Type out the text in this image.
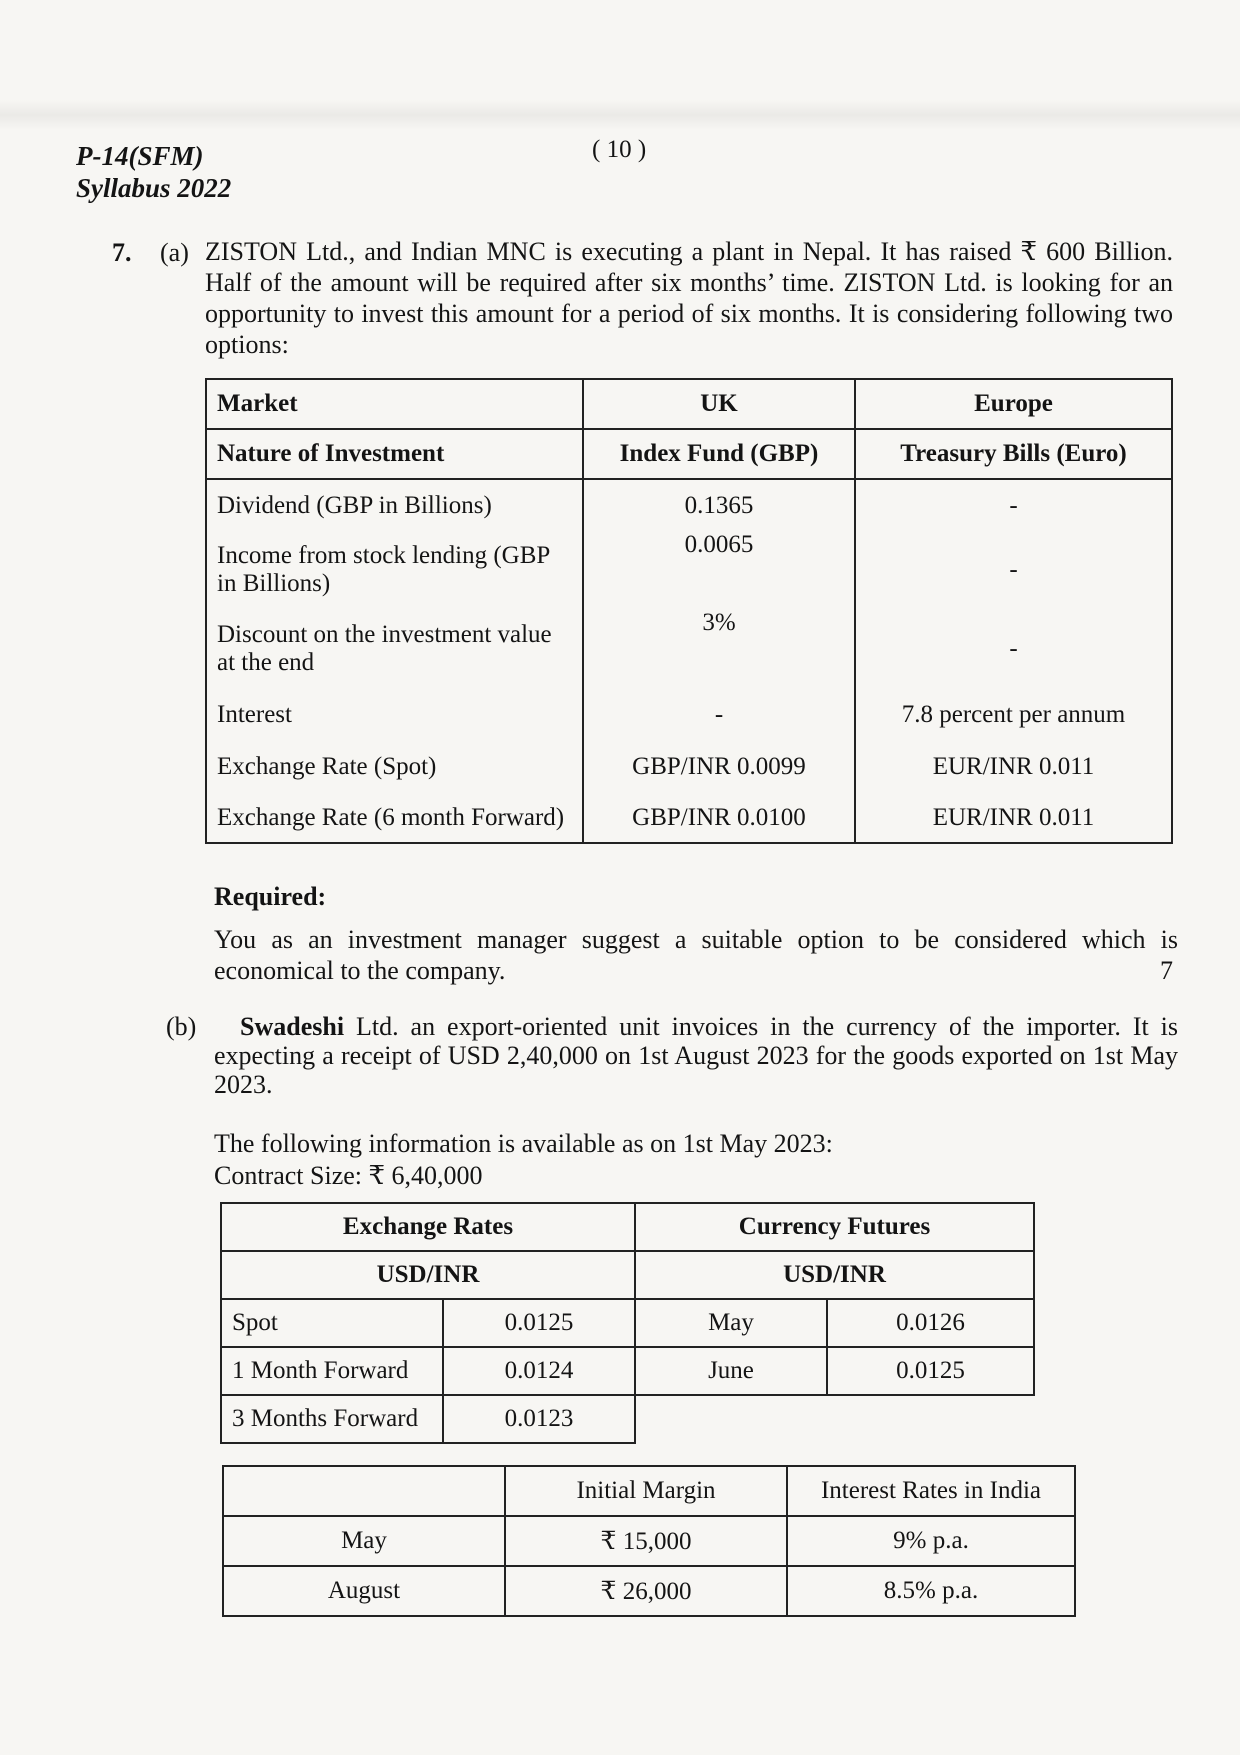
P-14(SFM)
Syllabus 2022
( 10 )
7. (a) ZISTON Ltd., and Indian MNC is executing a plant in Nepal. It has raised ₹ 600 Billion. Half of the amount will be required after six months’ time. ZISTON Ltd. is looking for an opportunity to invest this amount for a period of six months. It is considering following two options:
Market	UK	Europe
Nature of Investment	Index Fund (GBP)	Treasury Bills (Euro)
Dividend (GBP in Billions)	0.1365	-
Income from stock lending (GBP in Billions)	0.0065	-
Discount on the investment value at the end	3%	-
Interest	-	7.8 percent per annum
Exchange Rate (Spot)	GBP/INR 0.0099	EUR/INR 0.011
Exchange Rate (6 month Forward)	GBP/INR 0.0100	EUR/INR 0.011
Required:
You as an investment manager suggest a suitable option to be considered which is economical to the company.	7
(b)
 	Swadeshi Ltd. an export-oriented unit invoices in the currency of the importer. It is expecting a receipt of USD 2,40,000 on 1st August 2023 for the goods exported on 1st May 2023.
The following information is available as on 1st May 2023:
Contract Size: ₹ 6,40,000
Exchange Rates		Currency Futures	
USD/INR		USD/INR	
Spot	0.0125	May	0.0126
1 Month Forward	0.0124	June	0.0125
3 Months Forward	0.0123		
	Initial Margin	Interest Rates in India
May	₹ 15,000	9% p.a.
August	₹ 26,000	8.5% p.a.
